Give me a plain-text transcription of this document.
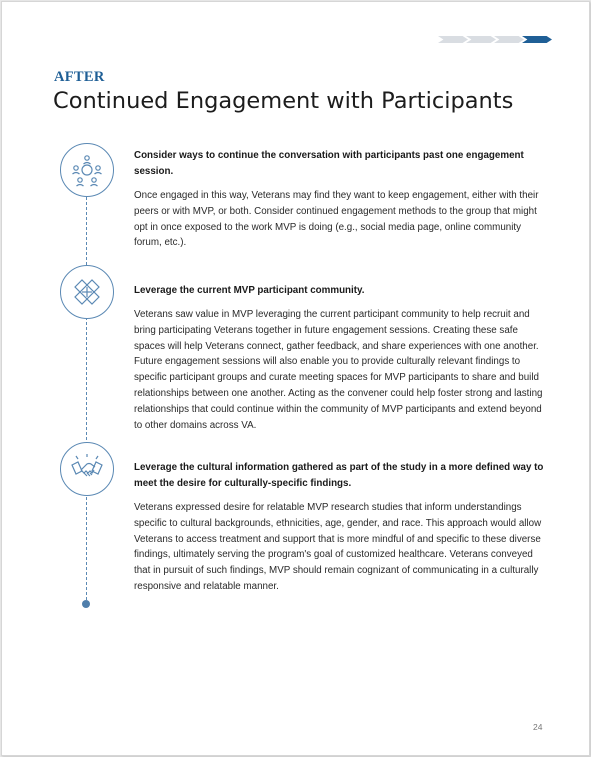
AFTER
Continued Engagement with Participants
Consider ways to continue the conversation with participants past one engagement session.

Once engaged in this way, Veterans may find they want to keep engagement, either with their peers or with MVP, or both. Consider continued engagement methods to the group that might opt in once exposed to the work MVP is doing (e.g., social media page, online community forum, etc.).

Leverage the current MVP participant community.

Veterans saw value in MVP leveraging the current participant community to help recruit and bring participating Veterans together in future engagement sessions. Creating these safe spaces will help Veterans connect, gather feedback, and share experiences with one another. Future engagement sessions will also enable you to provide culturally relevant findings to specific participant groups and curate meeting spaces for MVP participants to share and build relationships between one another. Acting as the convener could help foster strong and lasting relationships that could continue within the community of MVP participants and extend beyond to other domains across VA.

Leverage the cultural information gathered as part of the study in a more defined way to meet the desire for culturally-specific findings.

Veterans expressed desire for relatable MVP research studies that inform understandings specific to cultural backgrounds, ethnicities, age, gender, and race. This approach would allow Veterans to access treatment and support that is more mindful of and specific to these diverse findings, ultimately serving the program's goal of customized healthcare. Veterans conveyed that in pursuit of such findings, MVP should remain cognizant of communicating in a culturally responsive and relatable manner.

24
